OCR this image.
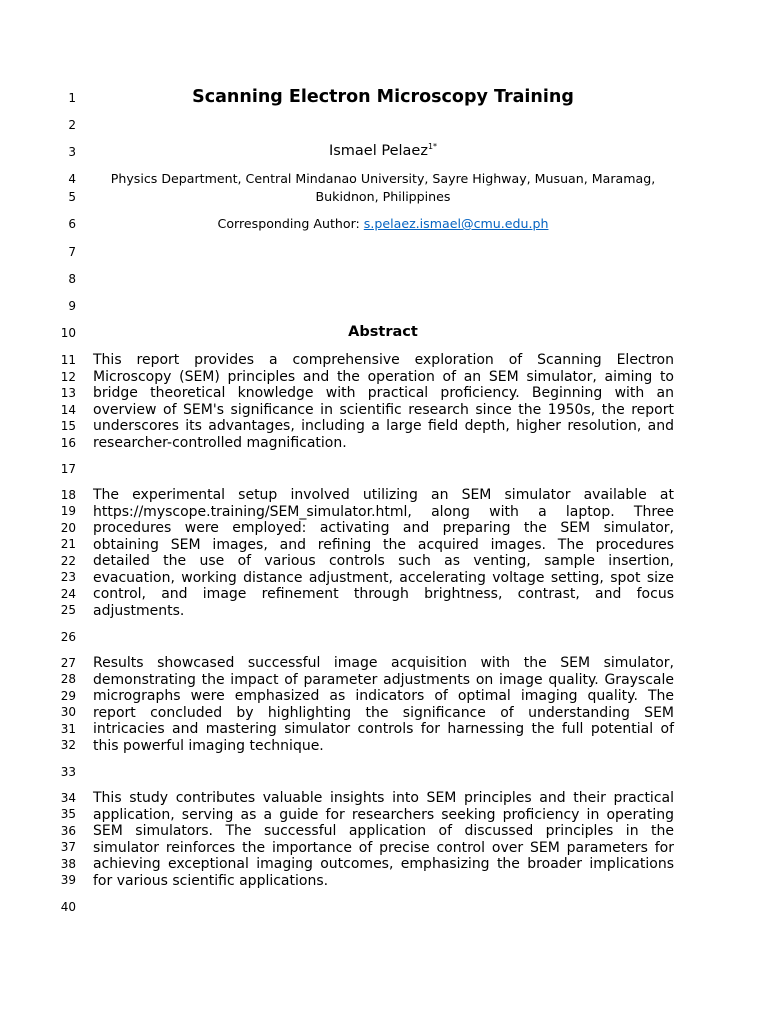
Scanning Electron Microscopy Training
Ismael Pelaez$^{1*}$
Physics Department, Central Mindanao University, Sayre Highway, Musuan, Maramag,
Bukidnon, Philippines
Corresponding Author: s.pelaez.ismael@cmu.edu.ph
Abstract
1
2
3
4
5
6
7
8
9
10
11
12
13
14
15
16
17
18
19
20
21
22
23
24
25
26
27
28
29
30
31
32
33
34
35
36
37
38
39
40
This report provides a comprehensive exploration of Scanning Electron
Microscopy (SEM) principles and the operation of an SEM simulator, aiming to
bridge theoretical knowledge with practical proficiency. Beginning with an
overview of SEM's significance in scientific research since the 1950s, the report
underscores its advantages, including a large field depth, higher resolution, and
researcher-controlled magnification.
The experimental setup involved utilizing an SEM simulator available at
https://myscope.training/SEM_simulator.html, along with a laptop. Three
procedures were employed: activating and preparing the SEM simulator,
obtaining SEM images, and refining the acquired images. The procedures
detailed the use of various controls such as venting, sample insertion,
evacuation, working distance adjustment, accelerating voltage setting, spot size
control, and image refinement through brightness, contrast, and focus
adjustments.
Results showcased successful image acquisition with the SEM simulator,
demonstrating the impact of parameter adjustments on image quality. Grayscale
micrographs were emphasized as indicators of optimal imaging quality. The
report concluded by highlighting the significance of understanding SEM
intricacies and mastering simulator controls for harnessing the full potential of
this powerful imaging technique.
This study contributes valuable insights into SEM principles and their practical
application, serving as a guide for researchers seeking proficiency in operating
SEM simulators. The successful application of discussed principles in the
simulator reinforces the importance of precise control over SEM parameters for
achieving exceptional imaging outcomes, emphasizing the broader implications
for various scientific applications.
